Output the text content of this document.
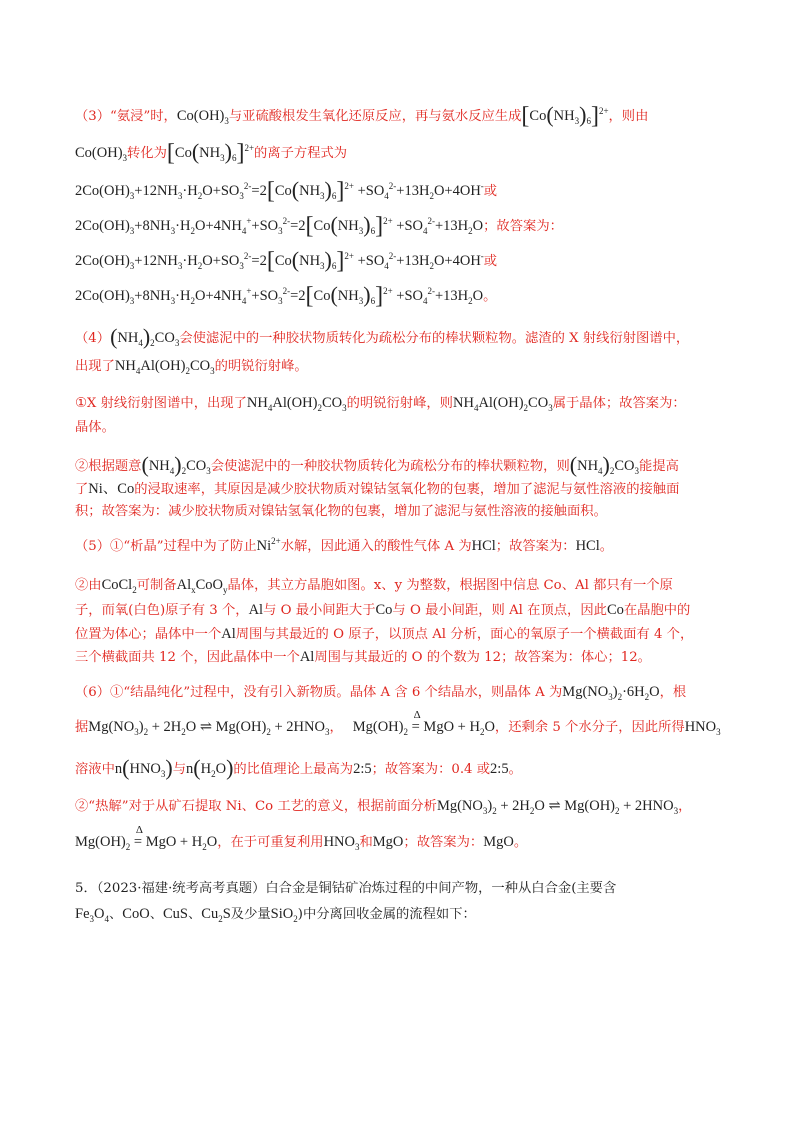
（3）“氨浸”时，$Co(OH)_3$与亚硫酸根发生氧化还原反应，再与氨水反应生成$[Co(NH_3)_6]^{2+}$，则由
$Co(OH)_3$转化为$[Co(NH_3)_6]^{2+}$的离子方程式为
$2Co(OH)_3+12NH_3\cdot H_2O+SO_3^{2-}=2[Co(NH_3)_6]^{2+} +SO_4^{2-}+13H_2O+4OH^-$或
$2Co(OH)_3+8NH_3\cdot H_2O+4NH_4^++SO_3^{2-}=2[Co(NH_3)_6]^{2+} +SO_4^{2-}+13H_2O$；故答案为：
$2Co(OH)_3+12NH_3\cdot H_2O+SO_3^{2-}=2[Co(NH_3)_6]^{2+} +SO_4^{2-}+13H_2O+4OH^-$或
$2Co(OH)_3+8NH_3\cdot H_2O+4NH_4^++SO_3^{2-}=2[Co(NH_3)_6]^{2+} +SO_4^{2-}+13H_2O$。
$(4)(NH_4)_2CO_3$会使滤泥中的一种胶状物质转化为疏松分布的棒状颗粒物。滤渣的 X 射线衍射图谱中，
出现了$NH_4Al(OH)_2CO_3$的明锐衍射峰。
①X 射线衍射图谱中，出现了$NH_4Al(OH)_2CO_3$的明锐衍射峰，则$NH_4Al(OH)_2CO_3$属于晶体；故答案为：
晶体。
②根据题意$(NH_4)_2CO_3$会使滤泥中的一种胶状物质转化为疏松分布的棒状颗粒物，则$(NH_4)_2CO_3$能提高
了Ni、Co的浸取速率，其原因是减少胶状物质对镍钴氢氧化物的包裹，增加了滤泥与氨性溶液的接触面
积；故答案为：减少胶状物质对镍钴氢氧化物的包裹，增加了滤泥与氨性溶液的接触面积。
（5）①“析晶”过程中为了防止$Ni^{2+}$水解，因此通入的酸性气体 A 为HCl；故答案为：HCl。
②由CoCl$_2$可制备$Al_xCoO_y$晶体，其立方晶胞如图。x、y 为整数，根据图中信息 Co、Al 都只有一个原
子，而氧(白色)原子有 3 个，Al与 O 最小间距大于Co与 O 最小间距，则 Al 在顶点，因此Co在晶胞中的
位置为体心；晶体中一个Al周围与其最近的 O 原子，以顶点 Al 分析，面心的氧原子一个横截面有 4 个，
三个横截面共 12 个，因此晶体中一个Al周围与其最近的 O 的个数为 12；故答案为：体心；12。
（6）①“结晶纯化”过程中，没有引入新物质。晶体 A 含 6 个结晶水，则晶体 A 为$Mg(NO_3)_2\cdot 6H_2O$，根
据$Mg(NO_3)_2 + 2H_2O$ ⇌ $Mg(OH)_2 + 2HNO_3$， $Mg(OH)_2$
Δ
= MgO + $H_2O$，还剩余 5 个水分子，因此所得$HNO_3$
溶液中$n(HNO_3)$与$n(H_2O)$的比值理论上最高为2:5；故答案为：0.4 或2:5。
②“热解”对于从矿石提取 Ni、Co 工艺的意义，根据前面分析$Mg(NO_3)_2 + 2H_2O$ ⇌ $Mg(OH)_2 + 2HNO_3$，
$Mg(OH)_2$
Δ
= MgO + $H_2O$，在于可重复利用$HNO_3$和MgO；故答案为：MgO。
5．（2023·福建·统考高考真题）白合金是铜钴矿冶炼过程的中间产物，一种从白合金(主要含
$Fe_3O_4$、CoO、CuS、$Cu_2S$及少量SiO$_2$)中分离回收金属的流程如下：
